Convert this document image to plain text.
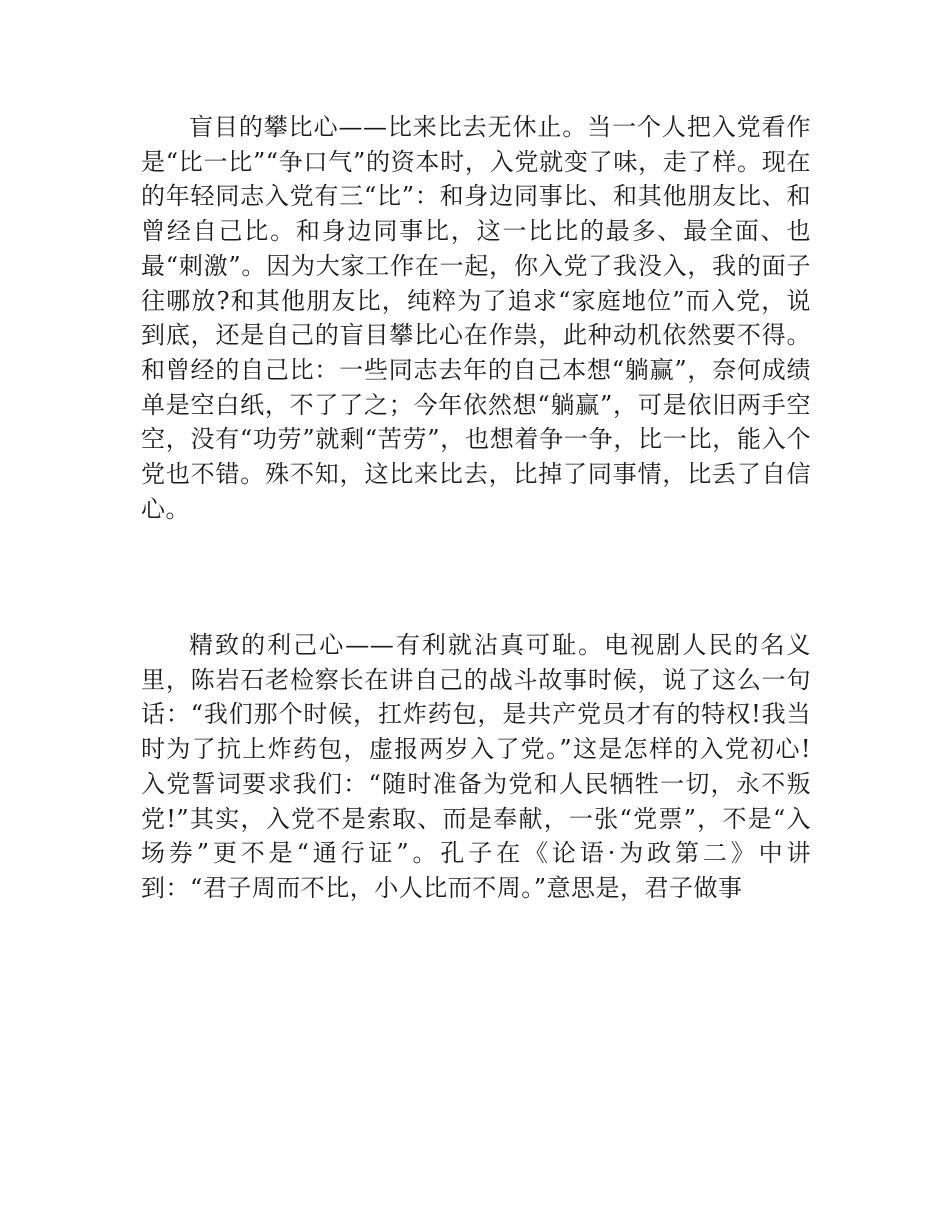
盲目的攀比心——比来比去无休止。当一个人把入党看作是“比一比”“争口气”的资本时，入党就变了味，走了样。现在的年轻同志入党有三“比”：和身边同事比、和其他朋友比、和曾经自己比。和身边同事比，这一比比的最多、最全面、也最“刺激”。因为大家工作在一起，你入党了我没入，我的面子往哪放?和其他朋友比，纯粹为了追求“家庭地位”而入党，说到底，还是自己的盲目攀比心在作祟，此种动机依然要不得。和曾经的自己比：一些同志去年的自己本想“躺赢”，奈何成绩单是空白纸，不了了之；今年依然想“躺赢”，可是依旧两手空空，没有“功劳”就剩“苦劳”，也想着争一争，比一比，能入个党也不错。殊不知，这比来比去，比掉了同事情，比丢了自信心。

精致的利己心——有利就沾真可耻。电视剧人民的名义里，陈岩石老检察长在讲自己的战斗故事时候，说了这么一句话：“我们那个时候，扛炸药包，是共产党员才有的特权!我当时为了抗上炸药包，虚报两岁入了党。”这是怎样的入党初心!入党誓词要求我们：“随时准备为党和人民牺牲一切，永不叛党!”其实，入党不是索取、而是奉献，一张“党票”，不是“入场券”更不是“通行证”。孔子在《论语·为政第二》中讲到：“君子周而不比，小人比而不周。”意思是，君子做事
